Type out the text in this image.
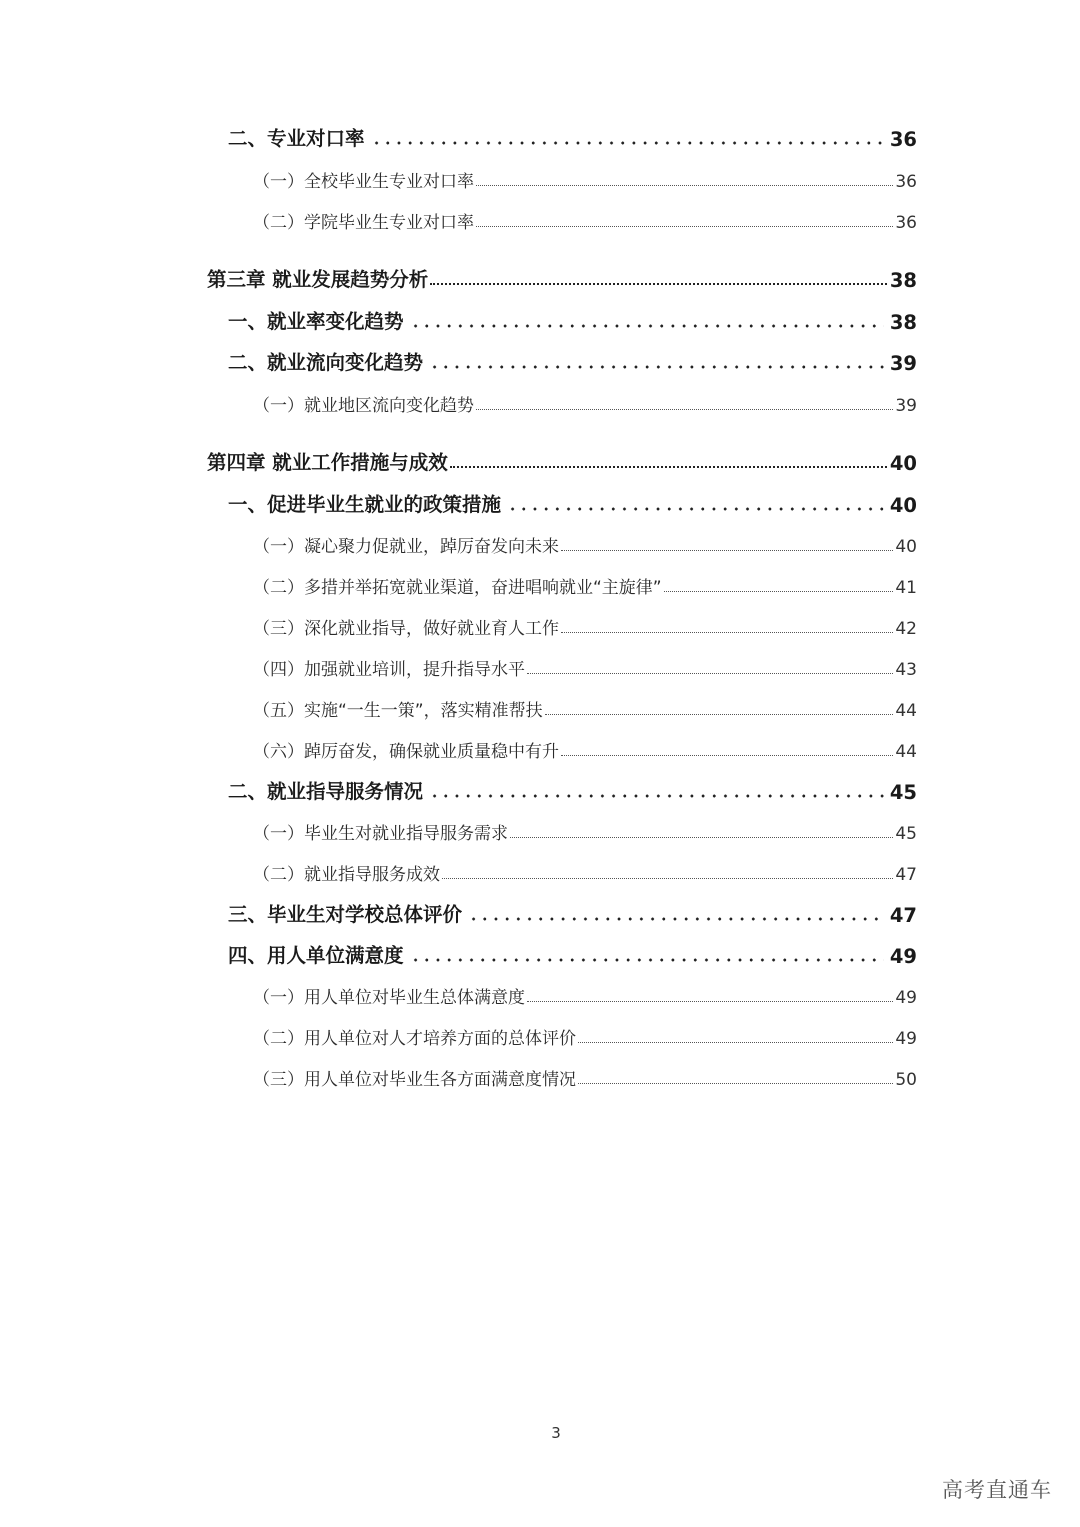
二、专业对口率	36
（一）全校毕业生专业对口率	36
（二）学院毕业生专业对口率	36
第三章 就业发展趋势分析	38
一、就业率变化趋势	38
二、就业流向变化趋势	39
（一）就业地区流向变化趋势	39
第四章 就业工作措施与成效	40
一、促进毕业生就业的政策措施	40
（一）凝心聚力促就业，踔厉奋发向未来	40
（二）多措并举拓宽就业渠道，奋进唱响就业“主旋律”	41
（三）深化就业指导，做好就业育人工作	42
（四）加强就业培训，提升指导水平	43
（五）实施“一生一策”，落实精准帮扶	44
（六）踔厉奋发，确保就业质量稳中有升	44
二、就业指导服务情况	45
（一）毕业生对就业指导服务需求	45
（二）就业指导服务成效	47
三、毕业生对学校总体评价	47
四、用人单位满意度	49
（一）用人单位对毕业生总体满意度	49
（二）用人单位对人才培养方面的总体评价	49
（三）用人单位对毕业生各方面满意度情况	50
3
高考直通车
